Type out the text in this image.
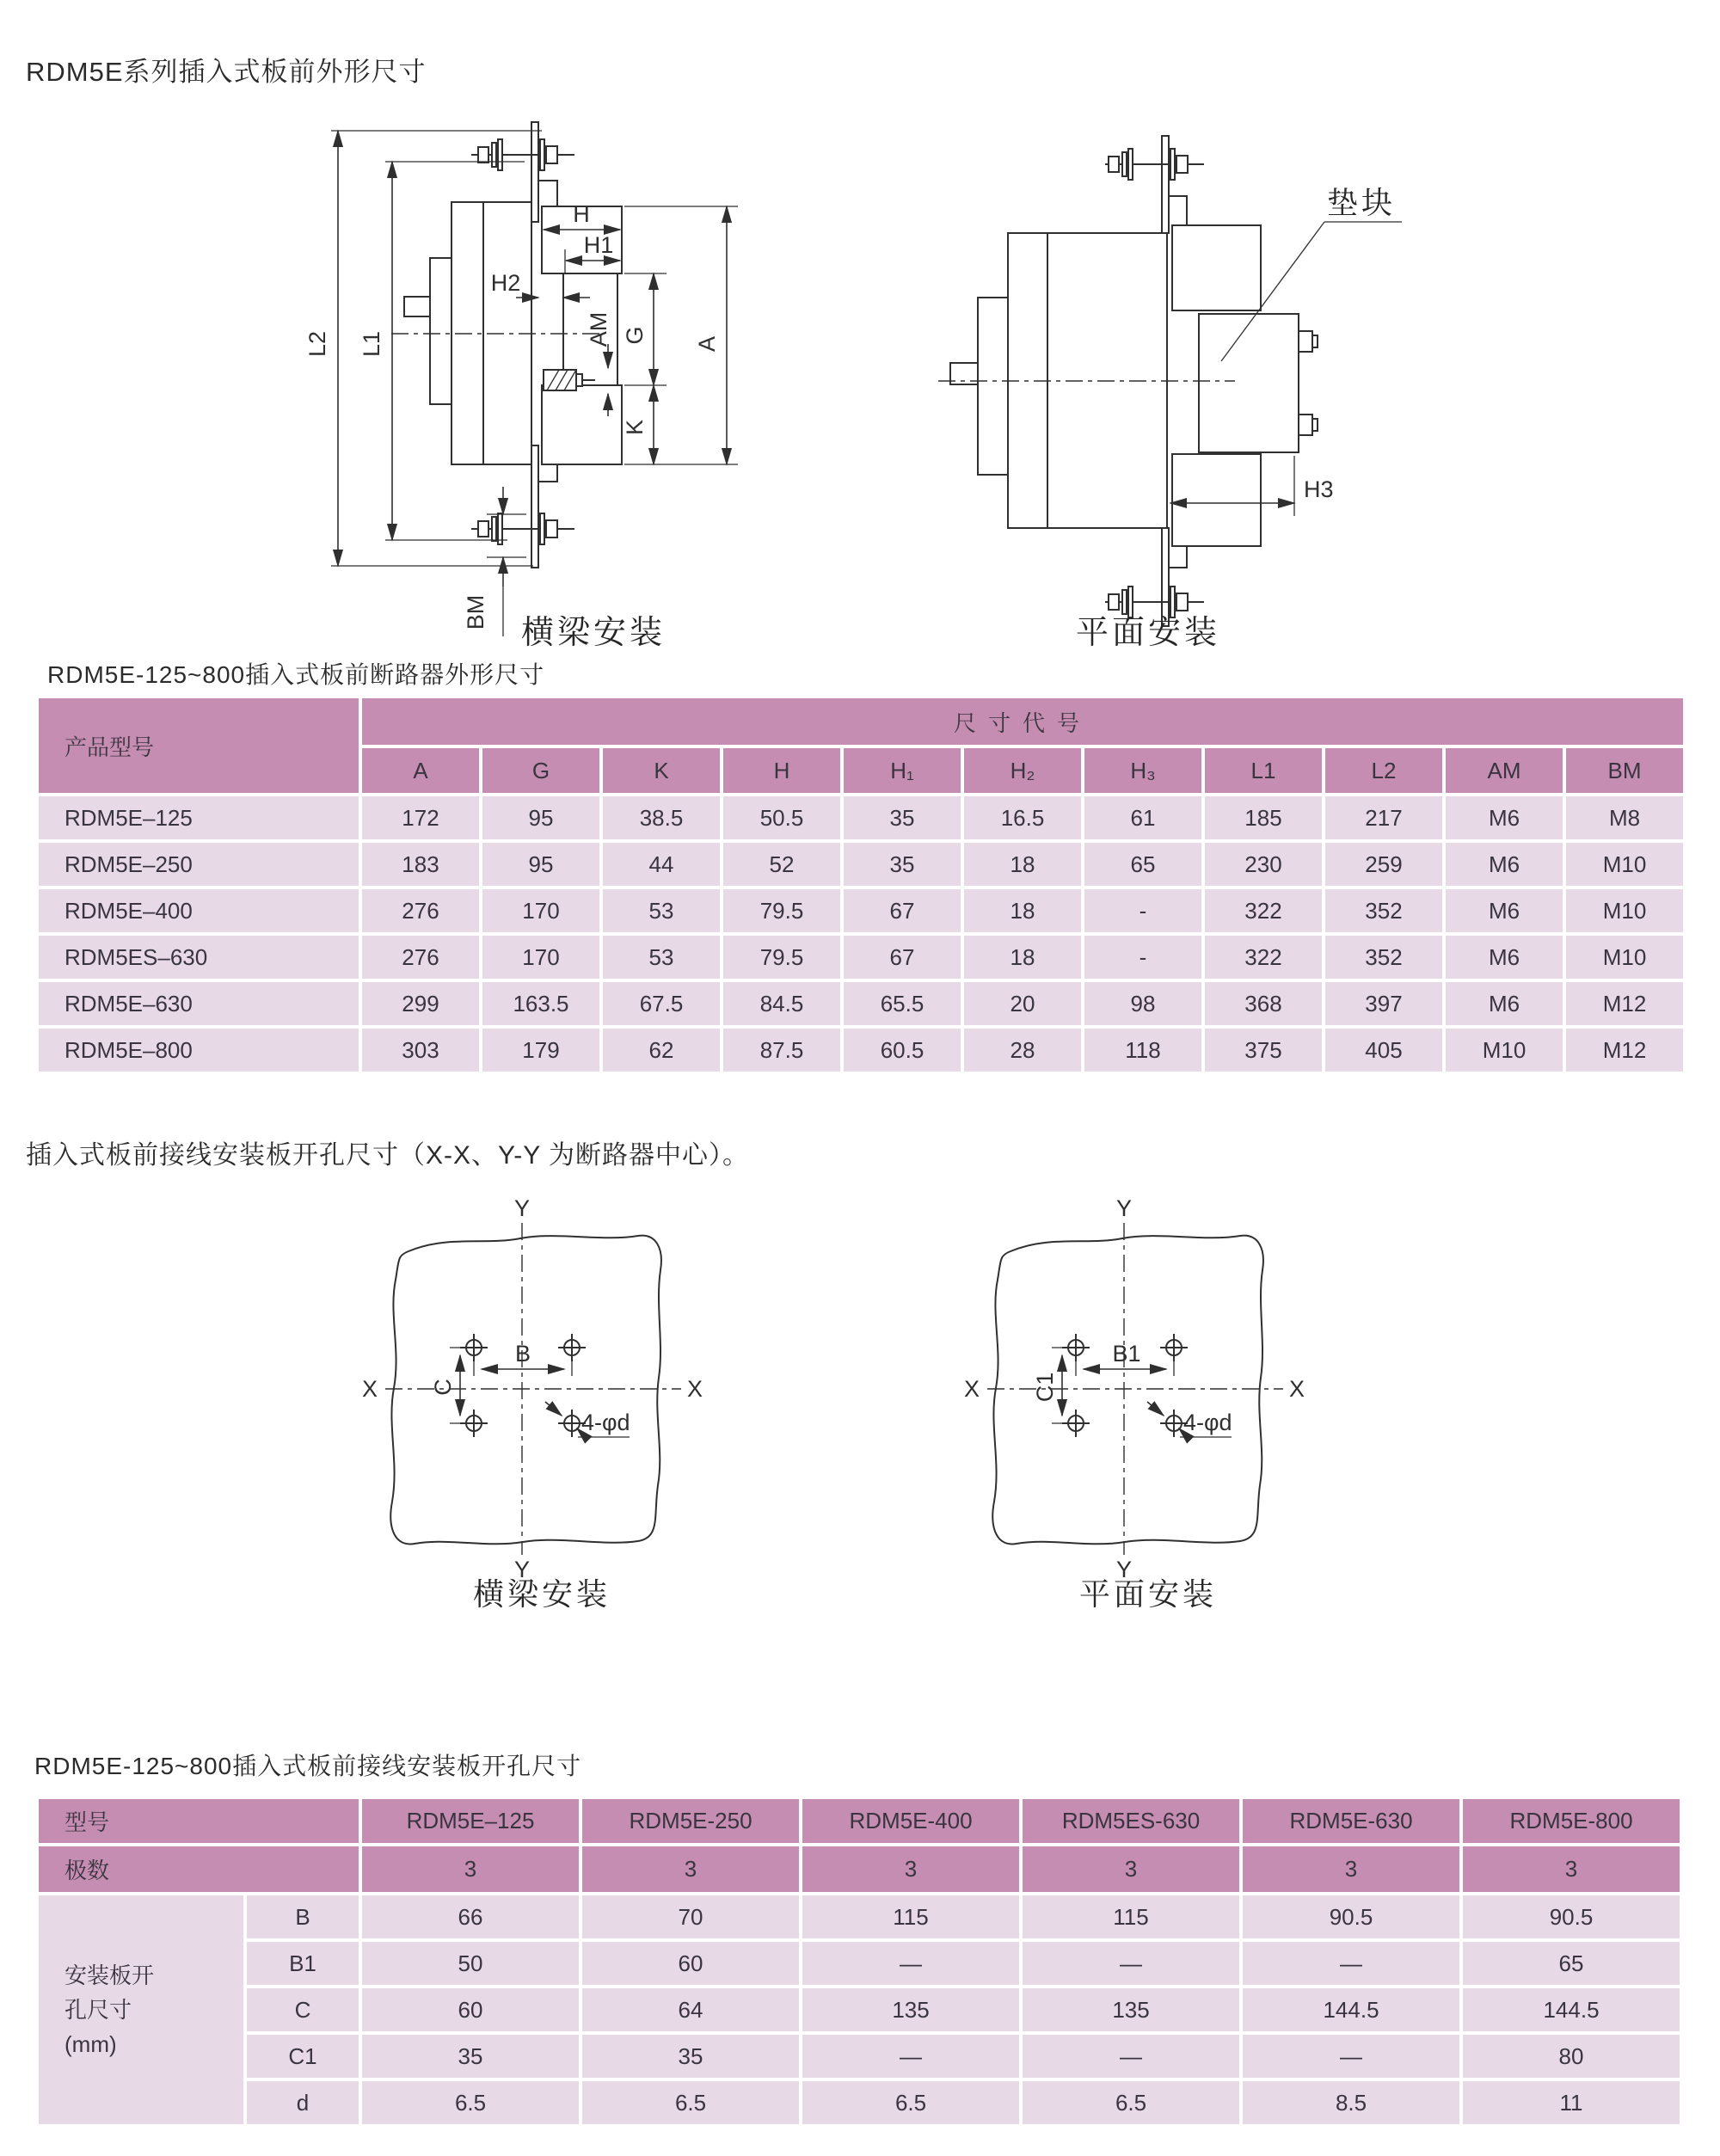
RDM5E系列插入式板前外形尺寸
RDM5E-125~800插入式板前断路器外形尺寸
插入式板前接线安装板开孔尺寸（X-X、Y-Y 为断路器中心）。
RDM5E-125~800插入式板前接线安装板开孔尺寸
L2 L1
H
H1
H2
AM G A
K
BM
横梁安装
垫块
H3
平面安装
产品型号	尺寸代号										
	A	G	K	H	H₁	H₂	H₃	L1	L2	AM	BM
RDM5E–125	172	95	38.5	50.5	35	16.5	61	185	217	M6	M8
RDM5E–250	183	95	44	52	35	18	65	230	259	M6	M10
RDM5E–400	276	170	53	79.5	67	18	-	322	352	M6	M10
RDM5ES–630	276	170	53	79.5	67	18	-	322	352	M6	M10
RDM5E–630	299	163.5	67.5	84.5	65.5	20	98	368	397	M6	M12
RDM5E–800	303	179	62	87.5	60.5	28	118	375	405	M10	M12
Y
Y
X	X
B
C
4-φd
横梁安装
Y
Y
X	X
B1
C1
4-φd
平面安装
型号		RDM5E–125	RDM5E-250	RDM5E-400	RDM5ES-630	RDM5E-630	RDM5E-800
极数		3	3	3	3	3	3

安装板开孔尺寸(mm)	B	66	70	115	115	90.5	90.5
	B1	50	60	—	—	—	65
	C	60	64	135	135	144.5	144.5
	C1	35	35	—	—	—	80
	d	6.5	6.5	6.5	6.5	8.5	11
